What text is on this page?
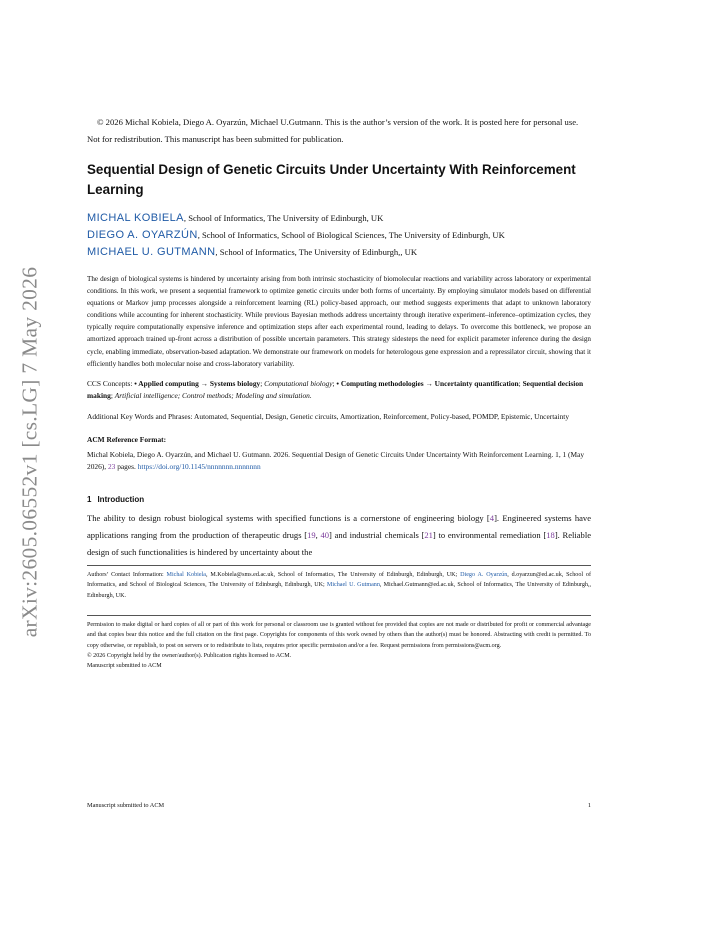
arXiv:2605.06552v1 [cs.LG] 7 May 2026

© 2026 Michal Kobiela, Diego A. Oyarzún, Michael U.Gutmann. This is the author’s version of the work. It is posted here for personal use. Not for redistribution. This manuscript has been submitted for publication.

Sequential Design of Genetic Circuits Under Uncertainty With Reinforcement Learning

MICHAL KOBIELA, School of Informatics, The University of Edinburgh, UK

DIEGO A. OYARZÚN, School of Informatics, School of Biological Sciences, The University of Edinburgh, UK

MICHAEL U. GUTMANN, School of Informatics, The University of Edinburgh,, UK

The design of biological systems is hindered by uncertainty arising from both intrinsic stochasticity of biomolecular reactions and variability across laboratory or experimental conditions. In this work, we present a sequential framework to optimize genetic circuits under both forms of uncertainty. By employing simulator models based on differential equations or Markov jump processes alongside a reinforcement learning (RL) policy-based approach, our method suggests experiments that adapt to unknown laboratory conditions while accounting for inherent stochasticity. While previous Bayesian methods address uncertainty through iterative experiment–inference–optimization cycles, they typically require computationally expensive inference and optimization steps after each experimental round, leading to delays. To overcome this bottleneck, we propose an amortized approach trained up-front across a distribution of possible uncertain parameters. This strategy sidesteps the need for explicit parameter inference during the design cycle, enabling immediate, observation-based adaptation. We demonstrate our framework on models for heterologous gene expression and a repressilator circuit, showing that it efficiently handles both molecular noise and cross-laboratory variability.

CCS Concepts: • Applied computing → Systems biology; Computational biology; • Computing methodologies → Uncertainty quantification; Sequential decision making; Artificial intelligence; Control methods; Modeling and simulation.

Additional Key Words and Phrases: Automated, Sequential, Design, Genetic circuits, Amortization, Reinforcement, Policy-based, POMDP, Epistemic, Uncertainty

ACM Reference Format:

Michal Kobiela, Diego A. Oyarzún, and Michael U. Gutmann. 2026. Sequential Design of Genetic Circuits Under Uncertainty With Reinforcement Learning. 1, 1 (May 2026), 23 pages. https://doi.org/10.1145/nnnnnnn.nnnnnnn

1 Introduction

The ability to design robust biological systems with specified functions is a cornerstone of engineering biology [4]. Engineered systems have applications ranging from the production of therapeutic drugs [19, 40] and industrial chemicals [21] to environmental remediation [18]. Reliable design of such functionalities is hindered by uncertainty about the

Authors’ Contact Information: Michal Kobiela, M.Kobiela@sms.ed.ac.uk, School of Informatics, The University of Edinburgh, Edinburgh, UK; Diego A. Oyarzún, d.oyarzun@ed.ac.uk, School of Informatics, and School of Biological Sciences, The University of Edinburgh, Edinburgh, UK; Michael U. Gutmann, Michael.Gutmann@ed.ac.uk, School of Informatics, The University of Edinburgh,, Edinburgh, UK.

Permission to make digital or hard copies of all or part of this work for personal or classroom use is granted without fee provided that copies are not made or distributed for profit or commercial advantage and that copies bear this notice and the full citation on the first page. Copyrights for components of this work owned by others than the author(s) must be honored. Abstracting with credit is permitted. To copy otherwise, or republish, to post on servers or to redistribute to lists, requires prior specific permission and/or a fee. Request permissions from permissions@acm.org.

© 2026 Copyright held by the owner/author(s). Publication rights licensed to ACM.

Manuscript submitted to ACM

Manuscript submitted to ACM	1
